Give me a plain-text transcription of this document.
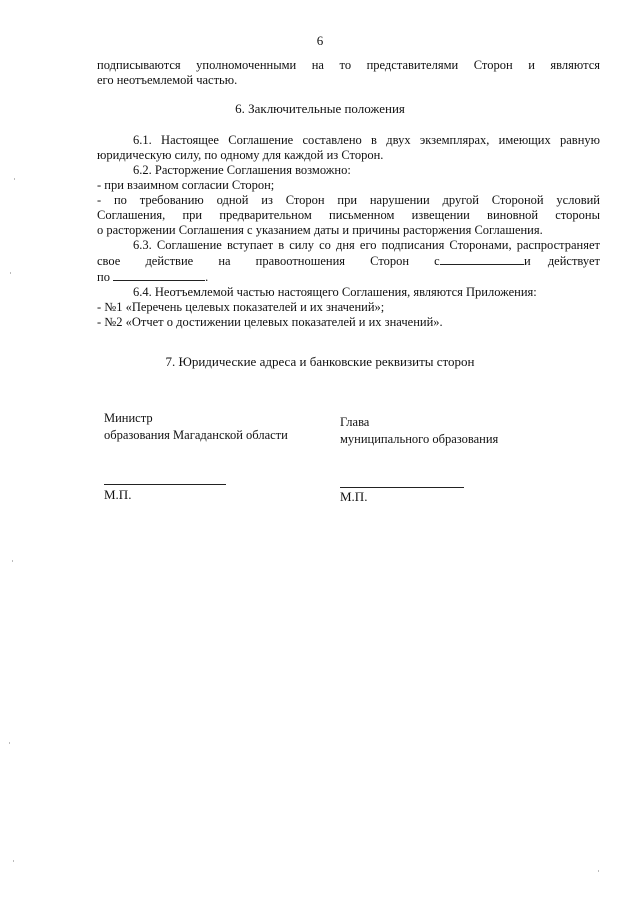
6
подписываются уполномоченными на то представителями Сторон и являются
его неотъемлемой частью.
6. Заключительные положения
6.1. Настоящее Соглашение составлено в двух экземплярах, имеющих равную
юридическую силу, по одному для каждой из Сторон.
6.2. Расторжение Соглашения возможно:
- при взаимном согласии Сторон;
- по требованию одной из Сторон при нарушении другой Стороной условий
Соглашения, при предварительном письменном извещении виновной стороны
о расторжении Соглашения с указанием даты и причины расторжения Соглашения.
6.3. Соглашение вступает в силу со дня его подписания Сторонами, распространяет
свое действие на правоотношения Сторон с	и действует
по	.
6.4. Неотъемлемой частью настоящего Соглашения, являются Приложения:
- №1 «Перечень целевых показателей и их значений»;
- №2 «Отчет о достижении целевых показателей и их значений».
7. Юридические адреса и банковские реквизиты сторон
Министр
образования Магаданской области
М.П.
Глава
муниципального образования
М.П.
